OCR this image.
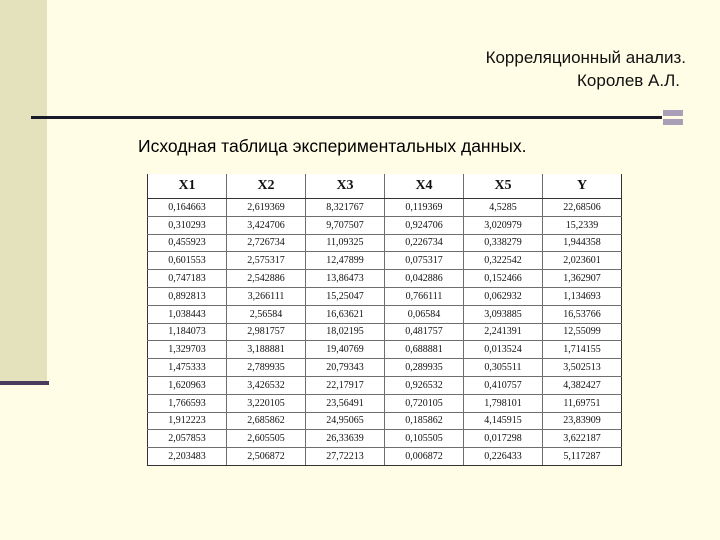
Корреляционный анализ.
Королев А.Л.
Исходная таблица экспериментальных данных.
X1	X2	X3	X4	X5	Y
0,164663	2,619369	8,321767	0,119369	4,5285	22,68506
0,310293	3,424706	9,707507	0,924706	3,020979	15,2339
0,455923	2,726734	11,09325	0,226734	0,338279	1,944358
0,601553	2,575317	12,47899	0,075317	0,322542	2,023601
0,747183	2,542886	13,86473	0,042886	0,152466	1,362907
0,892813	3,266111	15,25047	0,766111	0,062932	1,134693
1,038443	2,56584	16,63621	0,06584	3,093885	16,53766
1,184073	2,981757	18,02195	0,481757	2,241391	12,55099
1,329703	3,188881	19,40769	0,688881	0,013524	1,714155
1,475333	2,789935	20,79343	0,289935	0,305511	3,502513
1,620963	3,426532	22,17917	0,926532	0,410757	4,382427
1,766593	3,220105	23,56491	0,720105	1,798101	11,69751
1,912223	2,685862	24,95065	0,185862	4,145915	23,83909
2,057853	2,605505	26,33639	0,105505	0,017298	3,622187
2,203483	2,506872	27,72213	0,006872	0,226433	5,117287
